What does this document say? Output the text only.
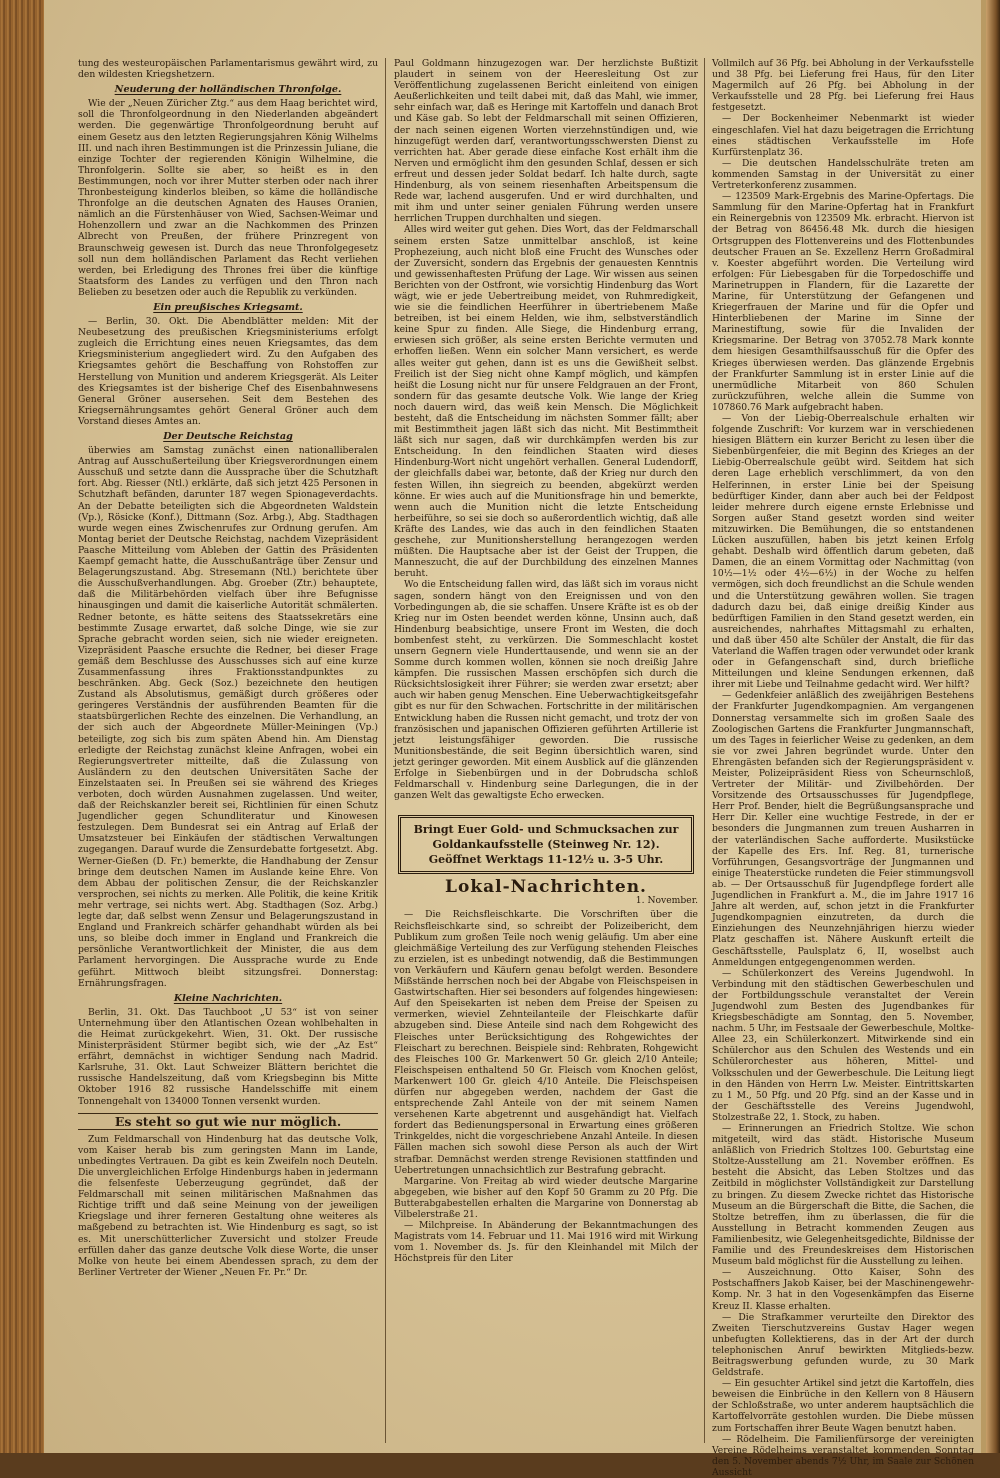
tung des westeuropäischen Parlamentarismus gewährt wird, zu den wildesten Kriegshetzern.

Neuderung der holländischen Thronfolge.

Wie der „Neuen Züricher Ztg.“ aus dem Haag berichtet wird, soll die Thronfolgeordnung in den Niederlanden abgeändert werden. Die gegenwärtige Thronfolgeordnung beruht auf einem Gesetz aus den letzten Regierungsjahren König Wilhelms III. und nach ihren Bestimmungen ist die Prinzessin Juliane, die einzige Tochter der regierenden Königin Wilhelmine, die Thronfolgerin. Sollte sie aber, so heißt es in den Bestimmungen, noch vor ihrer Mutter sterben oder nach ihrer Thronbesteigung kinderlos bleiben, so käme die holländische Thronfolge an die deutschen Agnaten des Hauses Oranien, nämlich an die Fürstenhäuser von Wied, Sachsen-Weimar und Hohenzollern und zwar an die Nachkommen des Prinzen Albrecht von Preußen, der frühere Prinzregent von Braunschweig gewesen ist. Durch das neue Thronfolgegesetz soll nun dem holländischen Parlament das Recht verliehen werden, bei Erledigung des Thrones frei über die künftige Staatsform des Landes zu verfügen und den Thron nach Belieben zu besetzen oder auch die Republik zu verkünden.

Ein preußisches Kriegsamt.

— Berlin, 30. Okt. Die Abendblätter melden: Mit der Neubesetzung des preußischen Kriegsministeriums erfolgt zugleich die Errichtung eines neuen Kriegsamtes, das dem Kriegsministerium angegliedert wird. Zu den Aufgaben des Kriegsamtes gehört die Beschaffung von Rohstoffen zur Herstellung von Munition und anderem Kriegsgerät. Als Leiter des Kriegsamtes ist der bisherige Chef des Eisenbahnwesens General Gröner ausersehen. Seit dem Bestehen des Kriegsernährungsamtes gehört General Gröner auch dem Vorstand dieses Amtes an.

Der Deutsche Reichstag

überwies am Samstag zunächst einen nationalliberalen Antrag auf Ausschußerteilung über Kriegsverordnungen einem Ausschuß und setzte dann die Aussprache über die Schutzhaft fort. Abg. Riesser (Ntl.) erklärte, daß sich jetzt 425 Personen in Schutzhaft befänden, darunter 187 wegen Spionageverdachts. An der Debatte beteiligten sich die Abgeordneten Waldstein (Vp.), Rösicke (Konf.), Dittmann (Soz. Arbg.), Abg. Stadthagen wurde wegen eines Zwischenrufes zur Ordnung gerufen. Am Montag beriet der Deutsche Reichstag, nachdem Vizepräsident Paasche Mitteilung vom Ableben der Gattin des Präsidenten Kaempf gemacht hatte, die Ausschußanträge über Zensur und Belagerungszustand. Abg. Stresemann (Ntl.) berichtete über die Ausschußverhandlungen. Abg. Groeber (Ztr.) behauptete, daß die Militärbehörden vielfach über ihre Befugnisse hinausgingen und damit die kaiserliche Autorität schmälerten. Redner betonte, es hätte seitens des Staatssekretärs eine bestimmte Zusage erwartet, daß solche Dinge, wie sie zur Sprache gebracht worden seien, sich nie wieder ereigneten. Vizepräsident Paasche ersuchte die Redner, bei dieser Frage gemäß dem Beschlusse des Ausschusses sich auf eine kurze Zusammenfassung ihres Fraktionsstandpunktes zu beschränken. Abg. Geck (Soz.) bezeichnete den heutigen Zustand als Absolutismus, gemäßigt durch größeres oder geringeres Verständnis der ausführenden Beamten für die staatsbürgerlichen Rechte des einzelnen. Die Verhandlung, an der sich auch der Abgeordnete Müller-Meiningen (Vp.) beteiligte, zog sich bis zum späten Abend hin. Am Dienstag erledigte der Reichstag zunächst kleine Anfragen, wobei ein Regierungsvertreter mitteilte, daß die Zulassung von Ausländern zu den deutschen Universitäten Sache der Einzelstaaten sei. In Preußen sei sie während des Krieges verboten, doch würden Ausnahmen zugelassen. Und weiter, daß der Reichskanzler bereit sei, Richtlinien für einen Schutz Jugendlicher gegen Schundliteratur und Kinowesen festzulegen. Dem Bundesrat sei ein Antrag auf Erlaß der Umsatzsteuer bei Einkäufen der städtischen Verwaltungen zugegangen. Darauf wurde die Zensurdebatte fortgesetzt. Abg. Werner-Gießen (D. Fr.) bemerkte, die Handhabung der Zensur bringe dem deutschen Namen im Auslande keine Ehre. Von dem Abbau der politischen Zensur, die der Reichskanzler versprochen, sei nichts zu merken. Alle Politik, die keine Kritik mehr vertrage, sei nichts wert. Abg. Stadthagen (Soz. Arbg.) legte dar, daß selbst wenn Zensur und Belagerungszustand in England und Frankreich schärfer gehandhabt würden als bei uns, so bleibe doch immer in England und Frankreich die persönliche Verantwortlichkeit der Minister, die aus dem Parlament hervorgingen. Die Aussprache wurde zu Ende geführt. Mittwoch bleibt sitzungsfrei. Donnerstag: Ernährungsfragen.

Kleine Nachrichten.

Berlin, 31. Okt. Das Tauchboot „U 53“ ist von seiner Unternehmung über den Atlantischen Ozean wohlbehalten in die Heimat zurückgekehrt. Wien, 31. Okt. Der russische Ministerpräsident Stürmer begibt sich, wie der „Az Est“ erfährt, demnächst in wichtiger Sendung nach Madrid. Karlsruhe, 31. Okt. Laut Schweizer Blättern berichtet die russische Handelszeitung, daß vom Kriegsbeginn bis Mitte Oktober 1916 82 russische Handelsschiffe mit einem Tonnengehalt von 134000 Tonnen versenkt wurden.

Es steht so gut wie nur möglich.

Zum Feldmarschall von Hindenburg hat das deutsche Volk, vom Kaiser herab bis zum geringsten Mann im Lande, unbedingtes Vertrauen. Da gibt es kein Zweifeln noch Deuteln. Die unvergleichlichen Erfolge Hindenburgs haben in jedermann die felsenfeste Ueberzeugung gegründet, daß der Feldmarschall mit seinen militärischen Maßnahmen das Richtige trifft und daß seine Meinung von der jeweiligen Kriegslage und ihrer ferneren Gestaltung ohne weiteres als maßgebend zu betrachten ist. Wie Hindenburg es sagt, so ist es. Mit unerschütterlicher Zuversicht und stolzer Freude erfüllen daher das ganze deutsche Volk diese Worte, die unser Molke von heute bei einem Abendessen sprach, zu dem der Berliner Vertreter der Wiener „Neuen Fr. Pr.“ Dr.

Paul Goldmann hinzugezogen war. Der herzlichste Bußtizit plaudert in seinem von der Heeresleitung Ost zur Veröffentlichung zugelassenen Bericht einleitend von einigen Aeußerlichkeiten und teilt dabei mit, daß das Mahl, wie immer, sehr einfach war, daß es Heringe mit Kartoffeln und danach Brot und Käse gab. So lebt der Feldmarschall mit seinen Offizieren, der nach seinen eigenen Worten vierzehnstündigen und, wie hinzugefügt werden darf, verantwortungsschwersten Dienst zu verrichten hat. Aber gerade diese einfache Kost erhält ihm die Nerven und ermöglicht ihm den gesunden Schlaf, dessen er sich erfreut und dessen jeder Soldat bedarf. Ich halte durch, sagte Hindenburg, als von seinem riesenhaften Arbeitspensum die Rede war, lachend ausgerufen. Und er wird durchhalten, und mit ihm und unter seiner genialen Führung werden unsere herrlichen Truppen durchhalten und siegen.

Alles wird weiter gut gehen. Dies Wort, das der Feldmarschall seinem ersten Satze unmittelbar anschloß, ist keine Prophezeiung, auch nicht bloß eine Frucht des Wunsches oder der Zuversicht, sondern das Ergebnis der genauesten Kenntnis und gewissenhaftesten Prüfung der Lage. Wir wissen aus seinen Berichten von der Ostfront, wie vorsichtig Hindenburg das Wort wägt, wie er jede Uebertreibung meidet, von Ruhmredigkeit, wie sie die feindlichen Heerführer in übertriebenem Maße betreiben, ist bei einem Helden, wie ihm, selbstverständlich keine Spur zu finden. Alle Siege, die Hindenburg errang, erwiesen sich größer, als seine ersten Berichte vermuten und erhoffen ließen. Wenn ein solcher Mann versichert, es werde alles weiter gut gehen, dann ist es uns die Gewißheit selbst. Freilich ist der Sieg nicht ohne Kampf möglich, und kämpfen heißt die Losung nicht nur für unsere Feldgrauen an der Front, sondern für das gesamte deutsche Volk. Wie lange der Krieg noch dauern wird, das weiß kein Mensch. Die Möglichkeit besteht, daß die Entscheidung im nächsten Sommer fällt; aber mit Bestimmtheit jagen läßt sich das nicht. Mit Bestimmtheit läßt sich nur sagen, daß wir durchkämpfen werden bis zur Entscheidung. In den feindlichen Staaten wird dieses Hindenburg-Wort nicht ungehört verhallen. General Ludendorff, der gleichfalls dabei war, betonte, daß der Krieg nur durch den festen Willen, ihn siegreich zu beenden, abgekürzt werden könne. Er wies auch auf die Munitionsfrage hin und bemerkte, wenn auch die Munition nicht die letzte Entscheidung herbeiführe, so sei sie doch so außerordentlich wichtig, daß alle Kräfte des Landes, wie das auch in den feindlichen Staaten geschehe, zur Munitionsherstellung herangezogen werden müßten. Die Hauptsache aber ist der Geist der Truppen, die Manneszucht, die auf der Durchbildung des einzelnen Mannes beruht.

Wo die Entscheidung fallen wird, das läßt sich im voraus nicht sagen, sondern hängt von den Ereignissen und von den Vorbedingungen ab, die sie schaffen. Unsere Kräfte ist es ob der Krieg nur im Osten beendet werden könne, Unsinn auch, daß Hindenburg beabsichtige, unsere Front im Westen, die doch bombenfest steht, zu verkürzen. Die Sommeschlacht kostet unsern Gegnern viele Hunderttausende, und wenn sie an der Somme durch kommen wollen, können sie noch dreißig Jahre kämpfen. Die russischen Massen erschöpfen sich durch die Rücksichtslosigkeit ihrer Führer; sie werden zwar ersetzt; aber auch wir haben genug Menschen. Eine Ueberwachtigkeitsgefahr gibt es nur für den Schwachen. Fortschritte in der militärischen Entwicklung haben die Russen nicht gemacht, und trotz der von französischen und japanischen Offizieren geführten Artillerie ist jetzt leistungsfähiger geworden. Die russische Munitionsbestände, die seit Beginn übersichtlich waren, sind jetzt geringer geworden. Mit einem Ausblick auf die glänzenden Erfolge in Siebenbürgen und in der Dobrudscha schloß Feldmarschall v. Hindenburg seine Darlegungen, die in der ganzen Welt das gewaltigste Echo erwecken.

Bringt Euer Gold- und Schmucksachen zur Goldankaufsstelle (Steinweg Nr. 12). Geöffnet Werktags 11-12½ u. 3-5 Uhr.
Lokal-Nachrichten.
1. November.

— Die Reichsfleischkarte. Die Vorschriften über die Reichsfleischkarte sind, so schreibt der Polizeibericht, dem Publikum zum großen Teile noch wenig geläufig. Um aber eine gleichmäßige Verteilung des zur Verfügung stehenden Fleisches zu erzielen, ist es unbedingt notwendig, daß die Bestimmungen von Verkäufern und Käufern genau befolgt werden. Besondere Mißstände herrschen noch bei der Abgabe von Fleischspeisen in Gastwirtschaften. Hier sei besonders auf folgendes hingewiesen: Auf den Speisekarten ist neben dem Preise der Speisen zu vermerken, wieviel Zehnteilanteile der Fleischkarte dafür abzugeben sind. Diese Anteile sind nach dem Rohgewicht des Fleisches unter Berücksichtigung des Rohgewichtes der Fleischart zu berechnen. Beispiele sind: Rehbraten, Rohgewicht des Fleisches 100 Gr. Markenwert 50 Gr. gleich 2/10 Anteile; Fleischspeisen enthaltend 50 Gr. Fleisch vom Knochen gelöst, Markenwert 100 Gr. gleich 4/10 Anteile. Die Fleischspeisen dürfen nur abgegeben werden, nachdem der Gast die entsprechende Zahl Anteile von der mit seinem Namen versehenen Karte abgetrennt und ausgehändigt hat. Vielfach fordert das Bedienungspersonal in Erwartung eines größeren Trinkgeldes, nicht die vorgeschriebene Anzahl Anteile. In diesen Fällen machen sich sowohl diese Person als auch der Wirt strafbar. Demnächst werden strenge Revisionen stattfinden und Uebertretungen unnachsichtlich zur Bestrafung gebracht.

Margarine. Von Freitag ab wird wieder deutsche Margarine abgegeben, wie bisher auf den Kopf 50 Gramm zu 20 Pfg. Die Butterabgabestellen erhalten die Margarine von Donnerstag ab Vilbelerstraße 21.

— Milchpreise. In Abänderung der Bekanntmachungen des Magistrats vom 14. Februar und 11. Mai 1916 wird mit Wirkung vom 1. November ds. Js. für den Kleinhandel mit Milch der Höchstpreis für den Liter

Vollmilch auf 36 Pfg. bei Abholung in der Verkaufsstelle und 38 Pfg. bei Lieferung frei Haus, für den Liter Magermilch auf 26 Pfg. bei Abholung in der Verkaufsstelle und 28 Pfg. bei Lieferung frei Haus festgesetzt.

— Der Bockenheimer Nebenmarkt ist wieder eingeschlafen. Viel hat dazu beigetragen die Errichtung eines städtischen Verkaufsstelle im Hofe Kurfürstenplatz 36.

— Die deutschen Handelsschulräte treten am kommenden Samstag in der Universität zu einer Vertreterkonferenz zusammen.

— 123509 Mark-Ergebnis des Marine-Opfertags. Die Sammlung für den Marine-Opfertag hat in Frankfurt ein Reinergebnis von 123509 Mk. erbracht. Hiervon ist der Betrag von 86456.48 Mk. durch die hiesigen Ortsgruppen des Flottenvereins und des Flottenbundes deutscher Frauen an Se. Exzellenz Herrn Großadmiral v. Koester abgeführt worden. Die Verteilung wird erfolgen: Für Liebesgaben für die Torpedoschiffe und Marinetruppen in Flandern, für die Lazarette der Marine, für Unterstützung der Gefangenen und Kriegerfrauen der Marine und für die Opfer und Hinterbliebenen der Marine im Sinne der Marinestiftung, sowie für die Invaliden der Kriegsmarine. Der Betrag von 37052.78 Mark konnte dem hiesigen Gesamthilfsausschuß für die Opfer des Krieges überwiesen werden. Das glänzende Ergebnis der Frankfurter Sammlung ist in erster Linie auf die unermüdliche Mitarbeit von 860 Schulen zurückzuführen, welche allein die Summe von 107860.76 Mark aufgebracht haben.

— Von der Liebig-Oberrealschule erhalten wir folgende Zuschrift: Vor kurzem war in verschiedenen hiesigen Blättern ein kurzer Bericht zu lesen über die Siebenbürgenfeier, die mit Beginn des Krieges an der Liebig-Oberrealschule geübt wird. Seitdem hat sich deren Lage erheblich verschlimmert, da von den Helferinnen, in erster Linie bei der Speisung bedürftiger Kinder, dann aber auch bei der Feldpost leider mehrere durch eigene ernste Erlebnisse und Sorgen außer Stand gesetzt worden sind weiter mitzuwirken. Die Bemühungen, die so entstandenen Lücken auszufüllen, haben bis jetzt keinen Erfolg gehabt. Deshalb wird öffentlich darum gebeten, daß Damen, die an einem Vormittag oder Nachmittag (von 10½—1½ oder 4½—6½) in der Woche zu helfen vermögen, sich doch freundlichst an die Schule wenden und die Unterstützung gewähren wollen. Sie tragen dadurch dazu bei, daß einige dreißig Kinder aus bedürftigen Familien in den Stand gesetzt werden, ein ausreichendes, nahrhaftes Mittagsmahl zu erhalten, und daß über 450 alte Schüler der Anstalt, die für das Vaterland die Waffen tragen oder verwundet oder krank oder in Gefangenschaft sind, durch briefliche Mitteilungen und kleine Sendungen erkennen, daß ihrer mit Liebe und Teilnahme gedacht wird. Wer hilft?

— Gedenkfeier anläßlich des zweijährigen Bestehens der Frankfurter Jugendkompagnien. Am vergangenen Donnerstag versammelte sich im großen Saale des Zoologischen Gartens die Frankfurter Jungmannschaft, um des Tages in feierlicher Weise zu gedenken, an dem sie vor zwei Jahren begründet wurde. Unter den Ehrengästen befanden sich der Regierungspräsident v. Meister, Polizeipräsident Riess von Scheurnschloß, Vertreter der Militär- und Zivilbehörden. Der Vorsitzende des Ortsausschusses für Jugendpflege, Herr Prof. Bender, hielt die Begrüßungsansprache und Herr Dir. Keller eine wuchtige Festrede, in der er besonders die Jungmannen zum treuen Ausharren in der vaterländischen Sache aufforderte. Musikstücke der Kapelle des Ers. Inf. Reg. 81, turnerische Vorführungen, Gesangsvorträge der Jungmannen und einige Theaterstücke rundeten die Feier stimmungsvoll ab. — Der Ortsausschuß für Jugendpflege fordert alle Jugendlichen in Frankfurt a. M., die im Jahre 1917 16 Jahre alt werden, auf, schon jetzt in die Frankfurter Jugendkompagnien einzutreten, da durch die Einziehungen des Neunzehnjährigen hierzu wieder Platz geschaffen ist. Nähere Auskunft erteilt die Geschäftsstelle, Paulsplatz 6, II, woselbst auch Anmeldungen entgegengenommen werden.

— Schülerkonzert des Vereins Jugendwohl. In Verbindung mit den städtischen Gewerbeschulen und der Fortbildungsschule veranstaltet der Verein Jugendwohl zum Besten des Jugendbankes für Kriegsbeschädigte am Sonntag, den 5. November, nachm. 5 Uhr, im Festsaale der Gewerbeschule, Moltke-Allee 23, ein Schülerkonzert. Mitwirkende sind ein Schülerchor aus den Schulen des Westends und ein Schülerorchester aus höheren, Mittel- und Volksschulen und der Gewerbeschule. Die Leitung liegt in den Händen von Herrn Lw. Meister. Eintrittskarten zu 1 M., 50 Pfg. und 20 Pfg. sind an der Kasse und in der Geschäftsstelle des Vereins Jugendwohl, Stolzestraße 22, 1. Stock, zu haben.

— Erinnerungen an Friedrich Stoltze. Wie schon mitgeteilt, wird das städt. Historische Museum anläßlich von Friedrich Stoltzes 100. Geburtstag eine Stoltze-Ausstellung am 21. November eröffnen. Es besteht die Absicht, das Leben Stoltzes und das Zeitbild in möglichster Vollständigkeit zur Darstellung zu bringen. Zu diesem Zwecke richtet das Historische Museum an die Bürgerschaft die Bitte, die Sachen, die Stoltze betreffen, ihm zu überlassen, die für die Ausstellung in Betracht kommenden Zeugen aus Familienbesitz, wie Gelegenheitsgedichte, Bildnisse der Familie und des Freundeskreises dem Historischen Museum bald möglichst für die Ausstellung zu leihen.

— Auszeichnung. Otto Kaiser, Sohn des Postschaffners Jakob Kaiser, bei der Maschinengewehr-Komp. Nr. 3 hat in den Vogesenkämpfen das Eiserne Kreuz II. Klasse erhalten.

— Die Strafkammer verurteilte den Direktor des Zweiten Tierschutzvereins Gustav Hager wegen unbefugten Kollektierens, das in der Art der durch telephonischen Anruf bewirkten Mitglieds-bezw. Beitragswerbung gefunden wurde, zu 30 Mark Geldstrafe.

— Ein gesuchter Artikel sind jetzt die Kartoffeln, dies beweisen die Einbrüche in den Kellern von 8 Häusern der Schloßstraße, wo unter anderem hauptsächlich die Kartoffelvorräte gestohlen wurden. Die Diebe müssen zum Fortschaffen ihrer Beute Wagen benutzt haben.

— Rödelheim. Die Familienfürsorge der vereinigten Vereine Rödelheims veranstaltet kommenden Sonntag den 5. November abends 7½ Uhr, im Saale zur Schönen Aussicht
